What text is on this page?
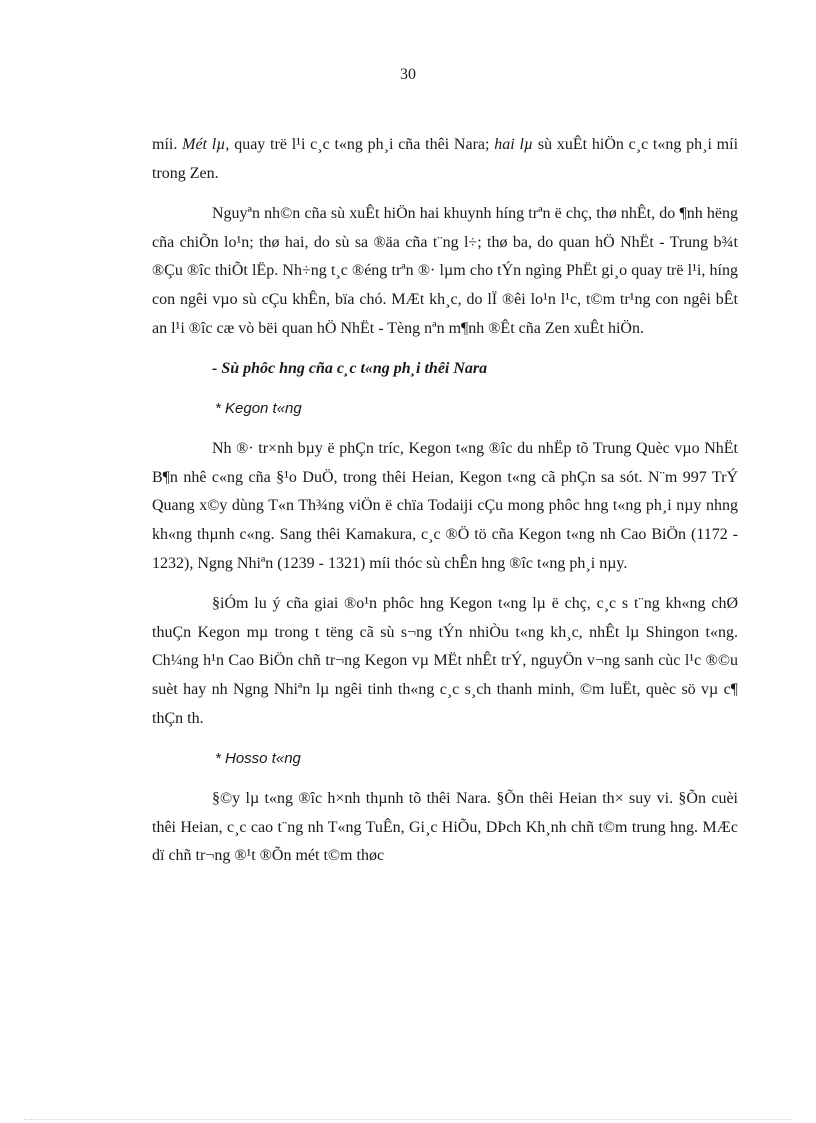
30

míi. Mét lµ, quay trë l¹i c¸c t«ng ph¸i cña thêi Nara; hai lµ sù xuÊt hiÖn c¸c t«ng ph¸i míi trong Zen.

Nguyªn nh©n cña sù xuÊt hiÖn hai khuynh híng trªn ë chç, thø nhÊt, do ¶nh hëng cña chiÕn lo¹n; thø hai, do sù sa ®äa cña t¨ng l÷; thø ba, do quan hÖ NhËt - Trung b¾t ®Çu ®îc thiÕt lËp. Nh÷ng t¸c ®éng trªn ®· lµm cho tÝn ngìng PhËt gi¸o quay trë l¹i, híng con ngêi vµo sù cÇu khÊn, bïa chó. MÆt kh¸c, do lÏ ®êi lo¹n l¹c, t©m tr¹ng con ngêi bÊt an l¹i ®îc cæ vò bëi quan hÖ NhËt - Tèng nªn m¶nh ®Êt cña Zen xuÊt hiÖn.

- Sù phôc hng cña c¸c t«ng ph¸i thêi Nara

* Kegon t«ng

Nh ®· tr×nh bµy ë phÇn tríc, Kegon t«ng ®îc du nhËp tõ Trung Quèc vµo NhËt B¶n nhê c«ng cña §¹o DuÖ, trong thêi Heian, Kegon t«ng cã phÇn sa sót. N¨m 997 TrÝ Quang x©y dùng T«n Th¾ng viÖn ë chïa Todaiji cÇu mong phôc hng t«ng ph¸i nµy nhng kh«ng thµnh c«ng. Sang thêi Kamakura, c¸c ®Ö tö cña Kegon t«ng nh Cao BiÖn (1172 - 1232), Ngng Nhiªn (1239 - 1321) míi thóc sù chÊn hng ®îc t«ng ph¸i nµy.

§iÓm lu ý cña giai ®o¹n phôc hng Kegon t«ng lµ ë chç, c¸c s t¨ng kh«ng chØ thuÇn Kegon mµ trong t tëng cã sù s¬ng tÝn nhiÒu t«ng kh¸c, nhÊt lµ Shingon t«ng. Ch¼ng h¹n Cao BiÖn chñ tr¬ng Kegon vµ MËt nhÊt trÝ, nguyÖn v¬ng sanh cùc l¹c ®©u suèt hay nh Ngng Nhiªn lµ ngêi tinh th«ng c¸c s¸ch thanh minh, ©m luËt, quèc sö vµ c¶ thÇn th.

* Hosso t«ng

§©y lµ t«ng ®îc h×nh thµnh tõ thêi Nara. §Õn thêi Heian th× suy vi. §Õn cuèi thêi Heian, c¸c cao t¨ng nh T«ng TuÊn, Gi¸c HiÕu, DÞch Kh¸nh chñ t©m trung hng. MÆc dï chñ tr¬ng ®¹t ®Õn mét t©m thøc
